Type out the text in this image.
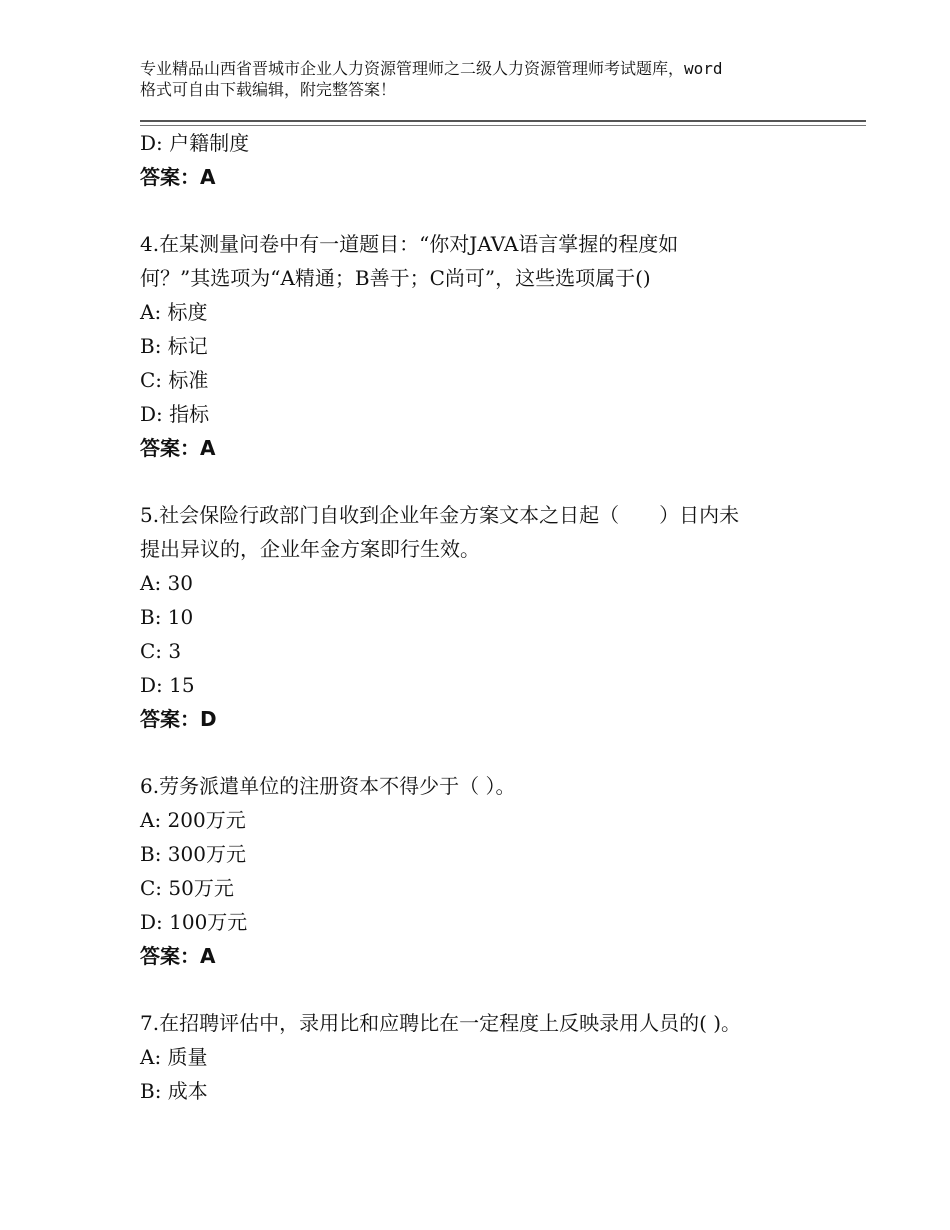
专业精品山西省晋城市企业人力资源管理师之二级人力资源管理师考试题库，word
格式可自由下载编辑，附完整答案！
D: 户籍制度
答案：A
4.在某测量问卷中有一道题目：“你对JAVA语言掌握的程度如
何？”其选项为“A精通；B善于；C尚可”，这些选项属于()
A: 标度
B: 标记
C: 标准
D: 指标
答案：A
5.社会保险行政部门自收到企业年金方案文本之日起（　　）日内未
提出异议的，企业年金方案即行生效。
A: 30
B: 10
C: 3
D: 15
答案：D
6.劳务派遣单位的注册资本不得少于（ ）。
A: 200万元
B: 300万元
C: 50万元
D: 100万元
答案：A
7.在招聘评估中，录用比和应聘比在一定程度上反映录用人员的( )。
A: 质量
B: 成本
